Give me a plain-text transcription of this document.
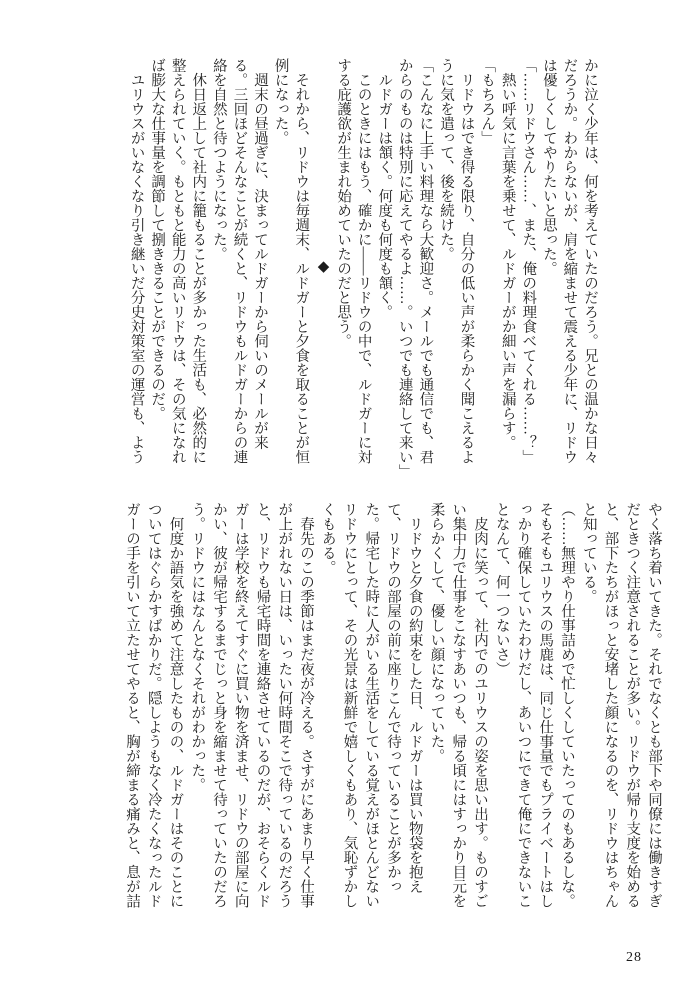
かに泣く少年は、何を考えていたのだろう。兄との温かな日々だろうか。わからないが、肩を縮ませて震える少年に、リドウは優しくしてやりたいと思った。

「……リドウさん……、また、俺の料理食べてくれる……？」

　熱い呼気に言葉を乗せて、ルドガーがか細い声を漏らす。

「もちろん」

　リドウはでき得る限り、自分の低い声が柔らかく聞こえるように気を遣って、後を続けた。

「こんなに上手い料理なら大歓迎さ。メールでも通信でも、君からのものは特別に応えてやるよ……。いつでも連絡して来い」

　ルドガーは頷く。何度も何度も頷く。

　このときにはもう、確かに——リドウの中で、ルドガーに対する庇護欲が生まれ始めていたのだと思う。

◆

　それから、リドウは毎週末、ルドガーと夕食を取ることが恒例になった。

　週末の昼過ぎに、決まってルドガーから伺いのメールが来る。三回ほどそんなことが続くと、リドウもルドガーからの連絡を自然と待つようになった。

　休日返上して社内に籠もることが多かった生活も、必然的に整えられていく。もともと能力の高いリドウは、その気になれば膨大な仕事量を調節して捌ききることができるのだ。

　ユリウスがいなくなり引き継いだ分史対策室の運営も、よう

やく落ち着いてきた。それでなくとも部下や同僚には働きすぎだときつく注意されることが多い。リドウが帰り支度を始めると、部下たちがほっと安堵した顔になるのを、リドウはちゃんと知っている。

（……無理やり仕事詰めで忙しくしていたってのもあるしな。そもそもユリウスの馬鹿は、同じ仕事量でもプライベートはしっかり確保していたわけだし、あいつにできて俺にできないことなんて、何一つないさ）

　皮肉に笑って、社内でのユリウスの姿を思い出す。ものすごい集中力で仕事をこなすあいつも、帰る頃にはすっかり目元を柔らかくして、優しい顔になっていた。

　リドウと夕食の約束をした日、ルドガーは買い物袋を抱えて、リドウの部屋の前に座りこんで待っていることが多かった。帰宅した時に人がいる生活をしている覚えがほとんどないリドウにとって、その光景は新鮮で嬉しくもあり、気恥ずかしくもある。

　春先のこの季節はまだ夜が冷える。さすがにあまり早く仕事が上がれない日は、いったい何時間そこで待っているのだろうと、リドウも帰宅時間を連絡させているのだが、おそらくルドガーは学校を終えてすぐに買い物を済ませ、リドウの部屋に向かい、彼が帰宅するまでじっと身を縮ませて待っていたのだろう。リドウにはなんとなくそれがわかった。

　何度か語気を強めて注意したものの、ルドガーはそのことについてはぐらかすばかりだ。隠しようもなく冷たくなったルドガーの手を引いて立たせてやると、胸が締まる痛みと、息が詰

28
